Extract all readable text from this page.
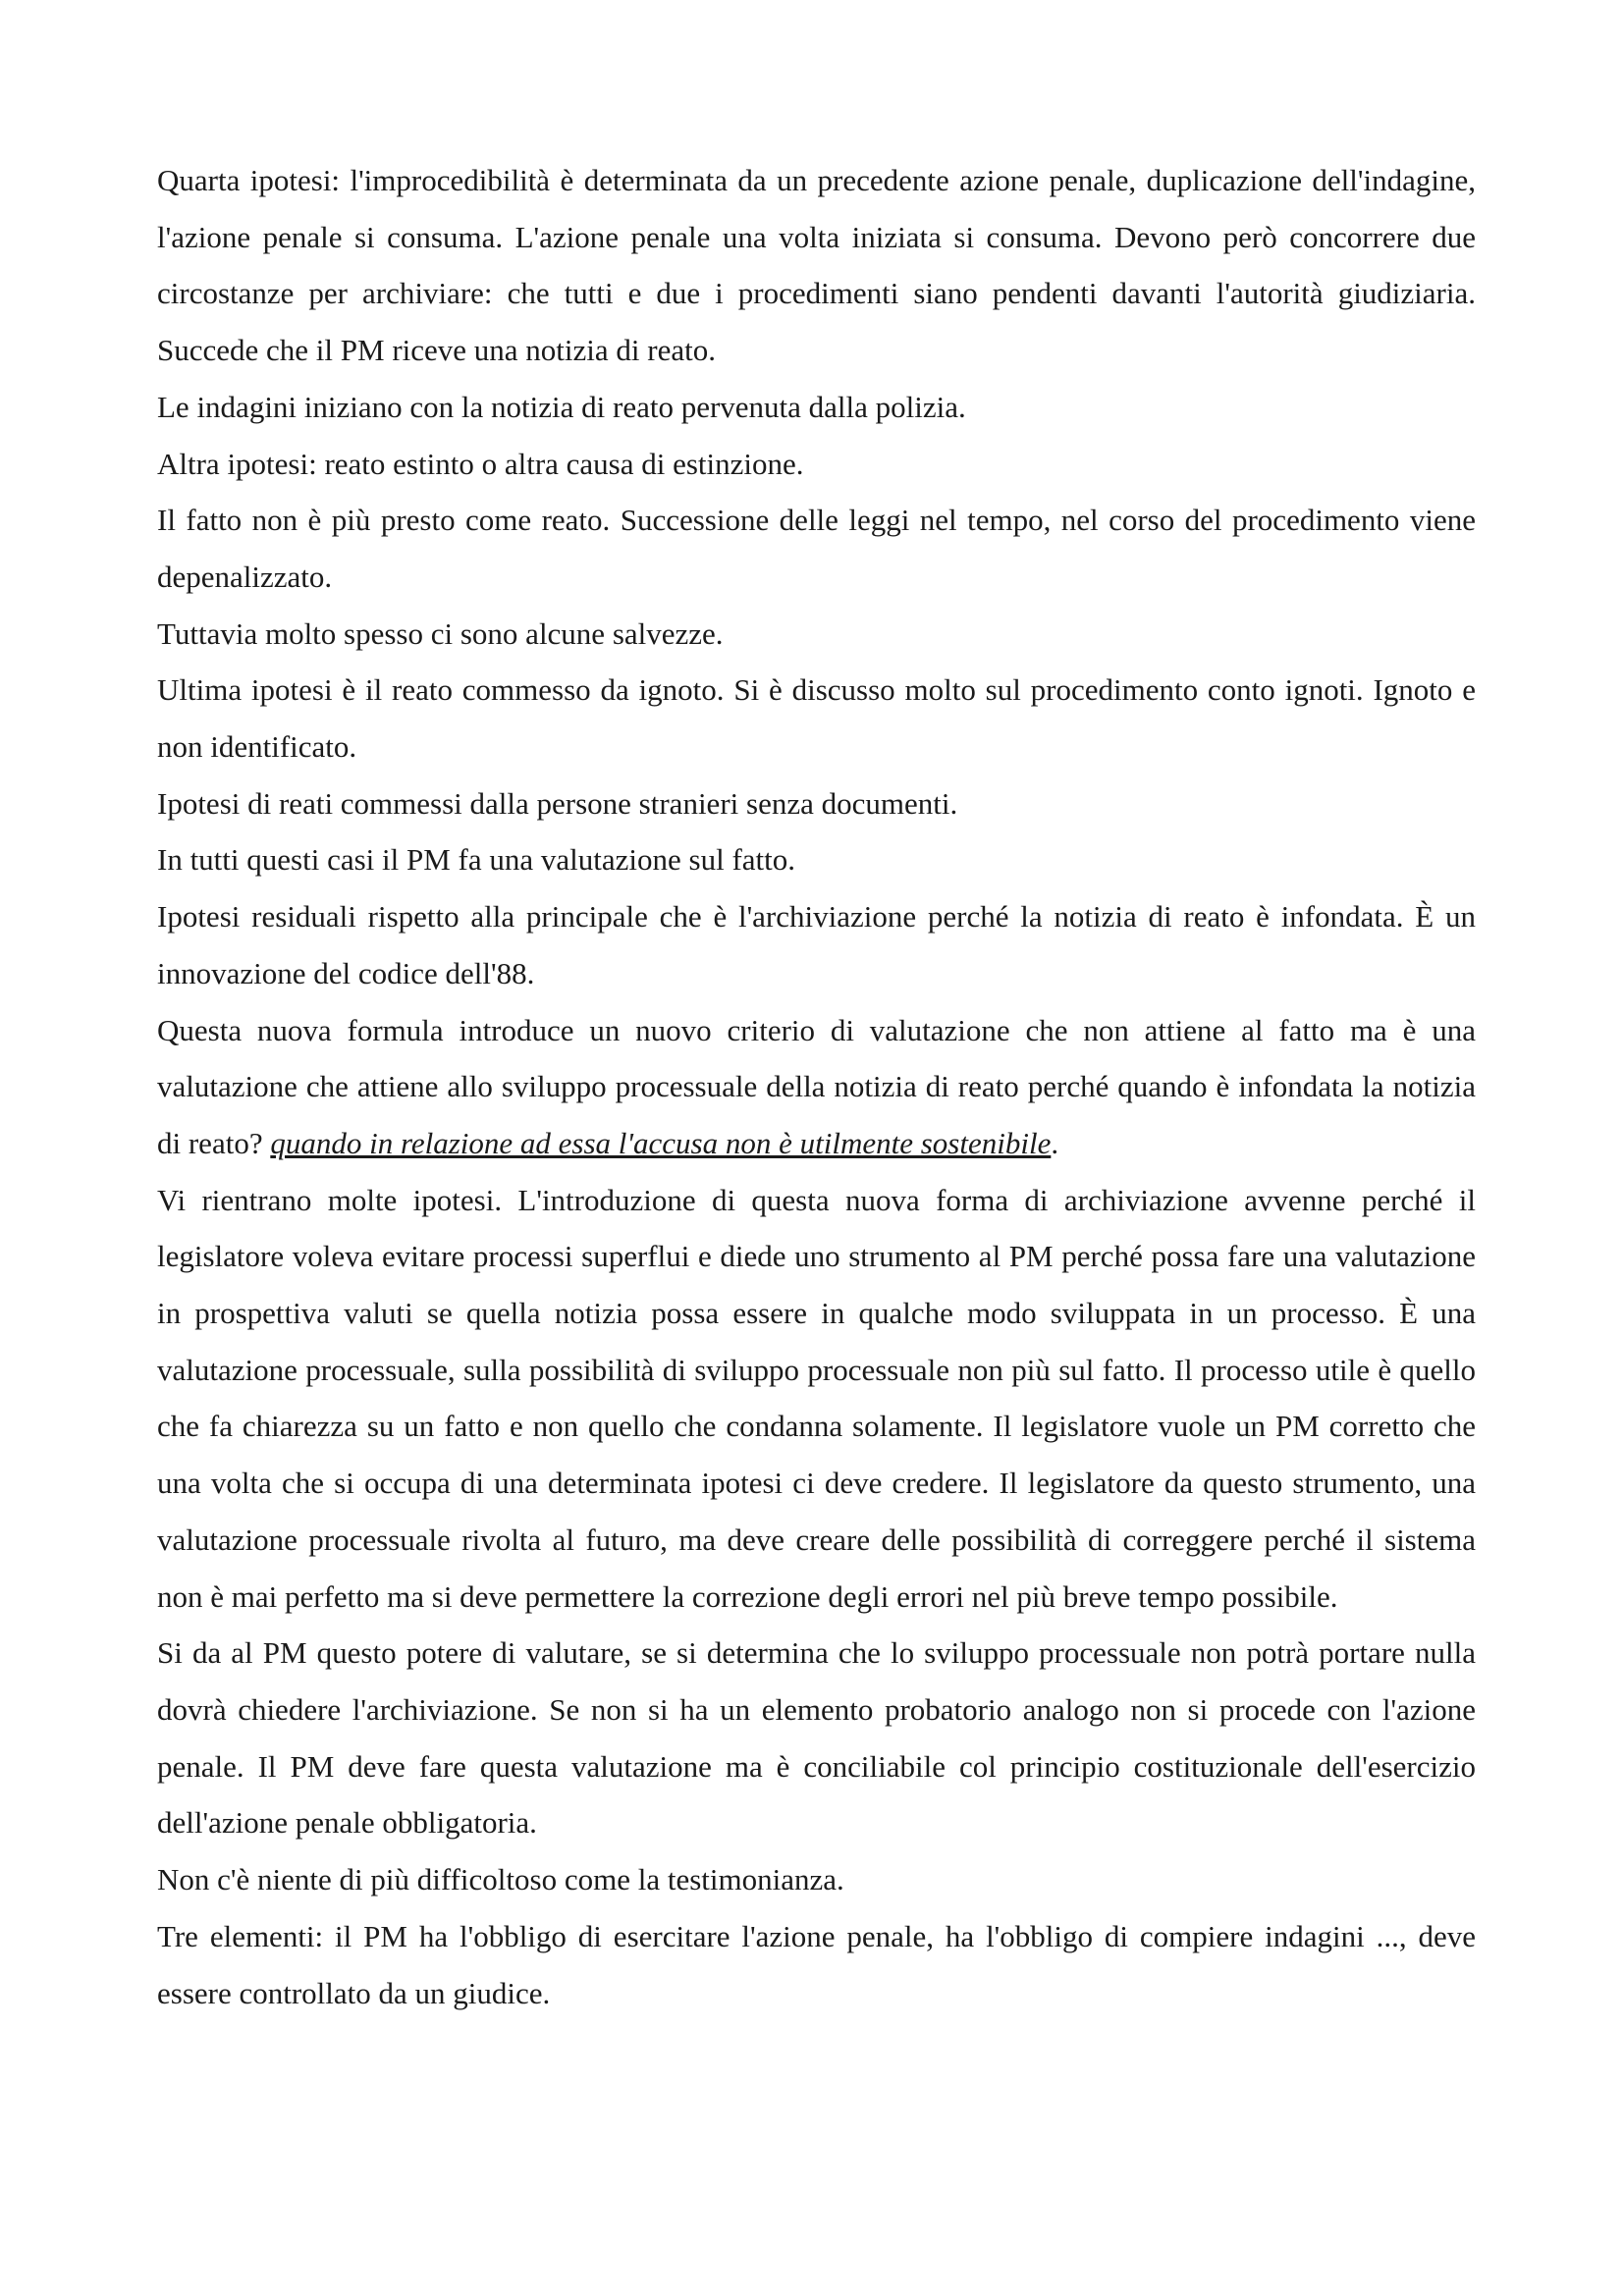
Quarta ipotesi: l'improcedibilità è determinata da un precedente azione penale, duplicazione dell'indagine, l'azione penale si consuma. L'azione penale una volta iniziata si consuma. Devono però concorrere due circostanze per archiviare: che tutti e due i procedimenti siano pendenti davanti l'autorità giudiziaria. Succede che il PM riceve una notizia di reato.

Le indagini iniziano con la notizia di reato pervenuta dalla polizia.

Altra ipotesi: reato estinto o altra causa di estinzione.

Il fatto non è più presto come reato. Successione delle leggi nel tempo, nel corso del procedimento viene depenalizzato.

Tuttavia molto spesso ci sono alcune salvezze.

Ultima ipotesi è il reato commesso da ignoto. Si è discusso molto sul procedimento conto ignoti. Ignoto e non identificato.

Ipotesi di reati commessi dalla persone stranieri senza documenti.

In tutti questi casi il PM fa una valutazione sul fatto.

Ipotesi residuali rispetto alla principale che è l'archiviazione perché la notizia di reato è infondata. È un innovazione del codice dell'88.

Questa nuova formula introduce un nuovo criterio di valutazione che non attiene al fatto ma è una valutazione che attiene allo sviluppo processuale della notizia di reato perché quando è infondata la notizia di reato? quando in relazione ad essa l'accusa non è utilmente sostenibile.

Vi rientrano molte ipotesi. L'introduzione di questa nuova forma di archiviazione avvenne perché il legislatore voleva evitare processi superflui e diede uno strumento al PM perché possa fare una valutazione in prospettiva valuti se quella notizia possa essere in qualche modo sviluppata in un processo. È una valutazione processuale, sulla possibilità di sviluppo processuale non più sul fatto. Il processo utile è quello che fa chiarezza su un fatto e non quello che condanna solamente. Il legislatore vuole un PM corretto che una volta che si occupa di una determinata ipotesi ci deve credere. Il legislatore da questo strumento, una valutazione processuale rivolta al futuro, ma deve creare delle possibilità di correggere perché il sistema non è mai perfetto ma si deve permettere la correzione degli errori nel più breve tempo possibile.

Si da al PM questo potere di valutare, se si determina che lo sviluppo processuale non potrà portare nulla dovrà chiedere l'archiviazione. Se non si ha un elemento probatorio analogo non si procede con l'azione penale. Il PM deve fare questa valutazione ma è conciliabile col principio costituzionale dell'esercizio dell'azione penale obbligatoria.

Non c'è niente di più difficoltoso come la testimonianza.

Tre elementi: il PM ha l'obbligo di esercitare l'azione penale, ha l'obbligo di compiere indagini ..., deve essere controllato da un giudice.
